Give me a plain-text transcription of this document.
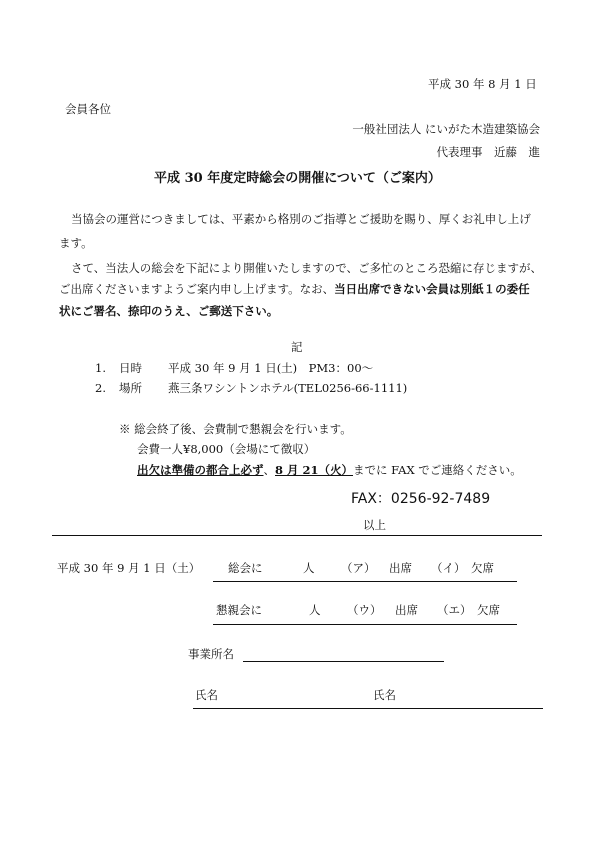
平成 30 年 8 月 1 日
会員各位
一般社団法人 にいがた木造建築協会
代表理事　近藤　進
平成 30 年度定時総会の開催について（ご案内）
当協会の運営につきましては、平素から格別のご指導とご援助を賜り、厚くお礼申し上げ
ます。
さて、当法人の総会を下記により開催いたしますので、ご多忙のところ恐縮に存じますが、
ご出席くださいますようご案内申し上げます。なお、当日出席できない会員は別紙１の委任
状にご署名、捺印のうえ、ご郵送下さい。
記
1. 日時 平成 30 年 9 月 1 日(土)　PM3：00～
2. 場所 燕三条ワシントンホテル(TEL0256-66-1111)
※ 総会終了後、会費制で懇親会を行います。
会費一人¥8,000（会場にて徴収）
出欠は準備の都合上必ず、8 月 21（火）までに FAX でご連絡ください。
FAX：0256-92-7489
以上
平成 30 年 9 月 1 日（土） 総会に	人 （ア） 出席 （イ） 欠席
懇親会に	人 （ウ） 出席 （エ） 欠席
事業所名
氏名	氏名
